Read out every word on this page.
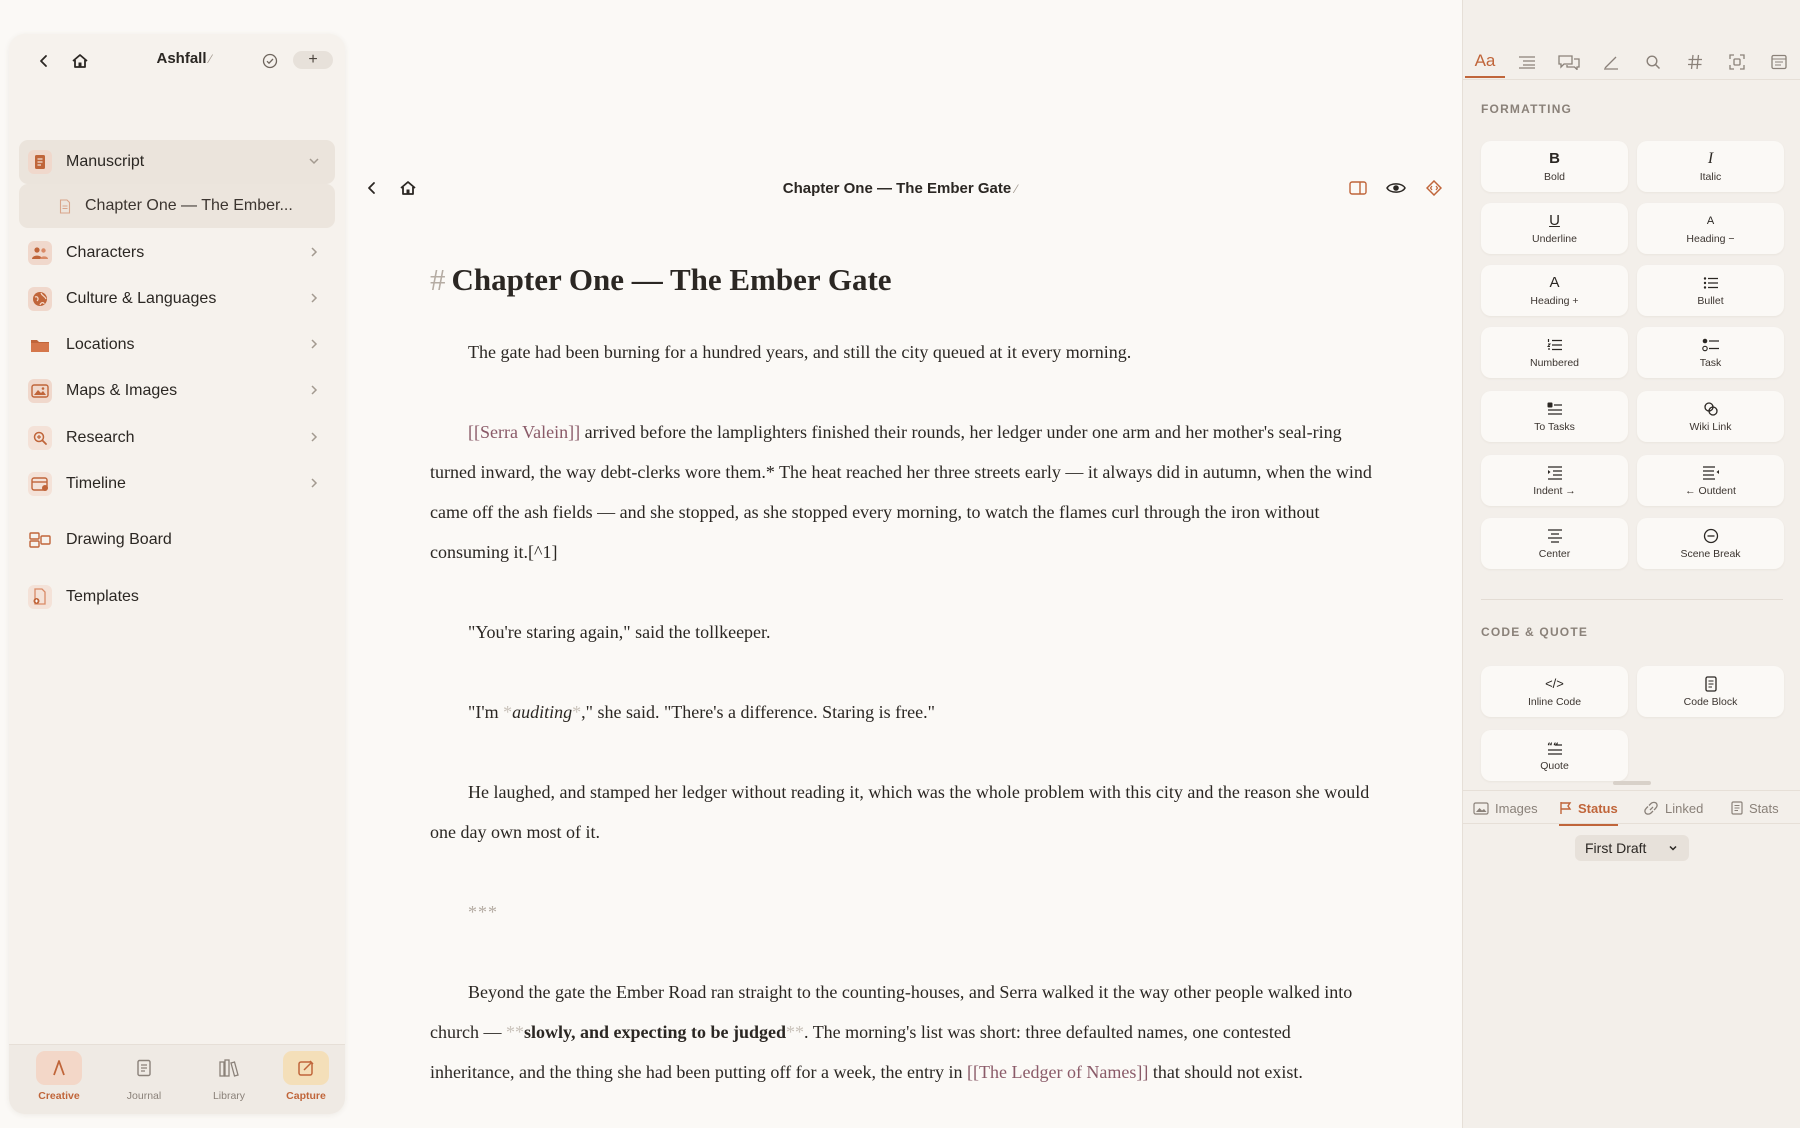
Ashfall ⁄	+
Manuscript
Chapter One — The Ember...
Characters
Culture & Languages
Locations
Maps & Images
Research
Timeline
Drawing Board
Templates
Creative	Journal	Library	Capture
Chapter One — The Ember Gate ⁄
# Chapter One — The Ember Gate

The gate had been burning for a hundred years, and still the city queued at it every morning.

[[Serra Valein]] arrived before the lamplighters finished their rounds, her ledger under one arm and her mother's seal-ring turned inward, the way debt-clerks wore them.* The heat reached her three streets early — it always did in autumn, when the wind came off the ash fields — and she stopped, as she stopped every morning, to watch the flames curl through the iron without consuming it.[^1]

"You're staring again," said the tollkeeper.

"I'm *auditing*," she said. "There's a difference. Staring is free."

He laughed, and stamped her ledger without reading it, which was the whole problem with this city and the reason she would one day own most of it.

***

Beyond the gate the Ember Road ran straight to the counting-houses, and Serra walked it the way other people walked into church — **slowly, and expecting to be judged**. The morning's list was short: three defaulted names, one contested inheritance, and the thing she had been putting off for a week, the entry in [[The Ledger of Names]] that should not exist.

Aa
FORMATTING
B
Bold
I
Italic
U
Underline
A
Heading −
A
Heading +	Bullet
Numbered	Task
To Tasks	Wiki Link
Indent →	← Outdent
Center	Scene Break
CODE & QUOTE
</>
Inline Code	Code Block
““
Quote
Images	Status	Linked	Stats
First Draft
